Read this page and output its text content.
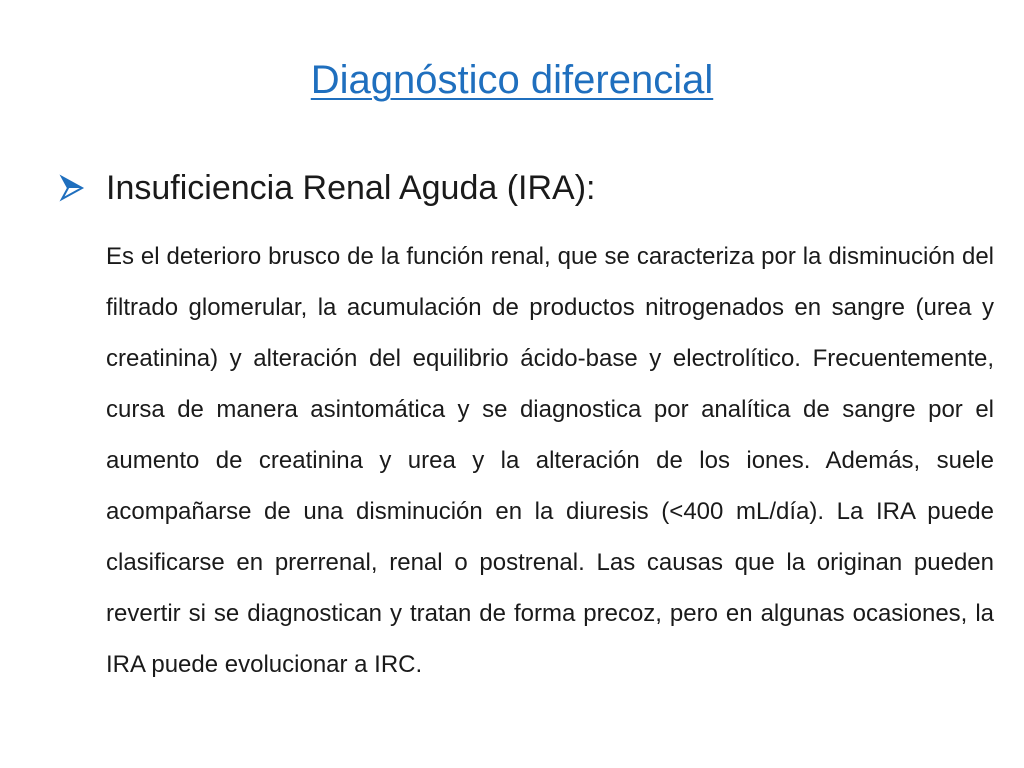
Diagnóstico diferencial
Insuficiencia Renal Aguda (IRA):

Es el deterioro brusco de la función renal, que se caracteriza por la disminución del filtrado glomerular, la acumulación de productos nitrogenados en sangre (urea y creatinina) y alteración del equilibrio ácido-base y electrolítico. Frecuentemente, cursa de manera asintomática y se diagnostica por analítica de sangre por el aumento de creatinina y urea y la alteración de los iones. Además, suele acompañarse de una disminución en la diuresis (<400 mL/día). La IRA puede clasificarse en prerrenal, renal o postrenal. Las causas que la originan pueden revertir si se diagnostican y tratan de forma precoz, pero en algunas ocasiones, la IRA puede evolucionar a IRC.
